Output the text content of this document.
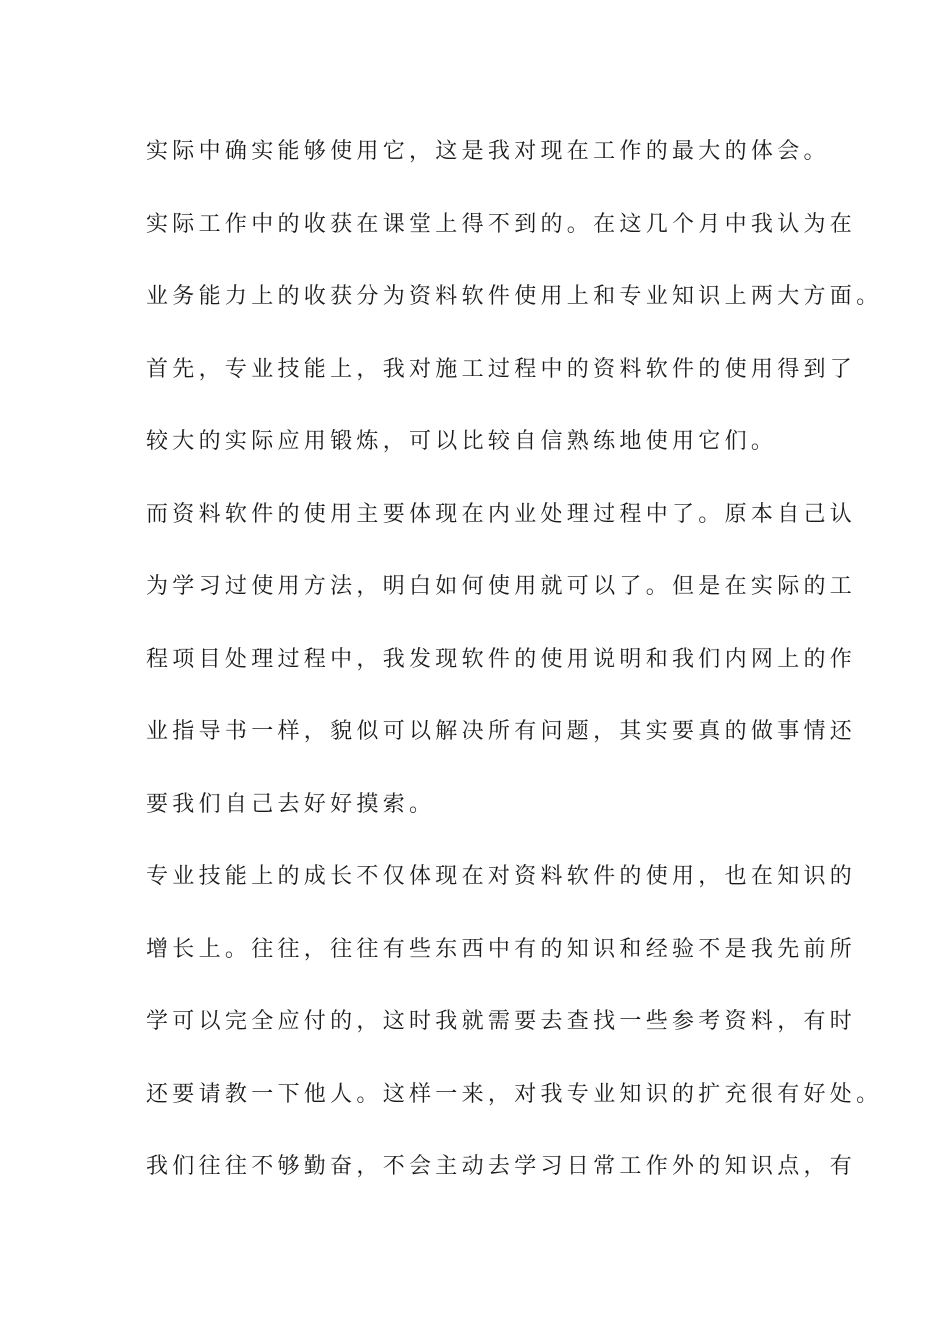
实际中确实能够使用它，这是我对现在工作的最大的体会。
实际工作中的收获在课堂上得不到的。在这几个月中我认为在
业务能力上的收获分为资料软件使用上和专业知识上两大方面。
首先，专业技能上，我对施工过程中的资料软件的使用得到了
较大的实际应用锻炼，可以比较自信熟练地使用它们。
而资料软件的使用主要体现在内业处理过程中了。原本自己认
为学习过使用方法，明白如何使用就可以了。但是在实际的工
程项目处理过程中，我发现软件的使用说明和我们内网上的作
业指导书一样，貌似可以解决所有问题，其实要真的做事情还
要我们自己去好好摸索。
专业技能上的成长不仅体现在对资料软件的使用，也在知识的
增长上。往往，往往有些东西中有的知识和经验不是我先前所
学可以完全应付的，这时我就需要去查找一些参考资料，有时
还要请教一下他人。这样一来，对我专业知识的扩充很有好处。
我们往往不够勤奋，不会主动去学习日常工作外的知识点，有
